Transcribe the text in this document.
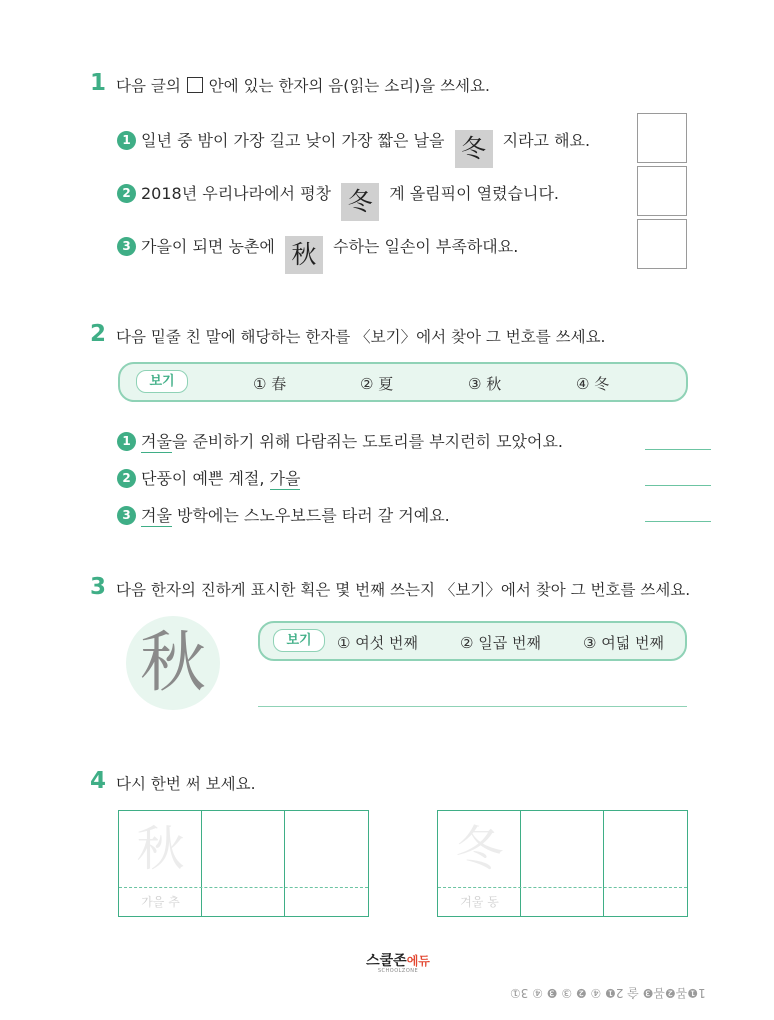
1 다음 글의 안에 있는 한자의 음(읽는 소리)을 쓰세요.
1 일년 중 밤이 가장 길고 낮이 가장 짧은 날을 冬 지라고 해요.
2 2018년 우리나라에서 평창 冬 계 올림픽이 열렸습니다.
3 가을이 되면 농촌에 秋 수하는 일손이 부족하대요.
2 다음 밑줄 친 말에 해당하는 한자를 〈보기〉에서 찾아 그 번호를 쓰세요.
보기	① 春	② 夏	③ 秋	④ 冬
1 겨울을 준비하기 위해 다람쥐는 도토리를 부지런히 모았어요.
2 단풍이 예쁜 계절, 가을
3 겨울 방학에는 스노우보드를 타러 갈 거예요.
3 다음 한자의 진하게 표시한 획은 몇 번째 쓰는지 〈보기〉에서 찾아 그 번호를 쓰세요.
秋	보기	① 여섯 번째	② 일곱 번째	③ 여덟 번째
4 다시 한번 써 보세요.
秋
가을 추
冬
겨울 동
스쿨존에듀
SCHOOLZONE
1❶몸❷몸❸ 술 2❶ ④ ❷ ③ ❸ ④ 3①
